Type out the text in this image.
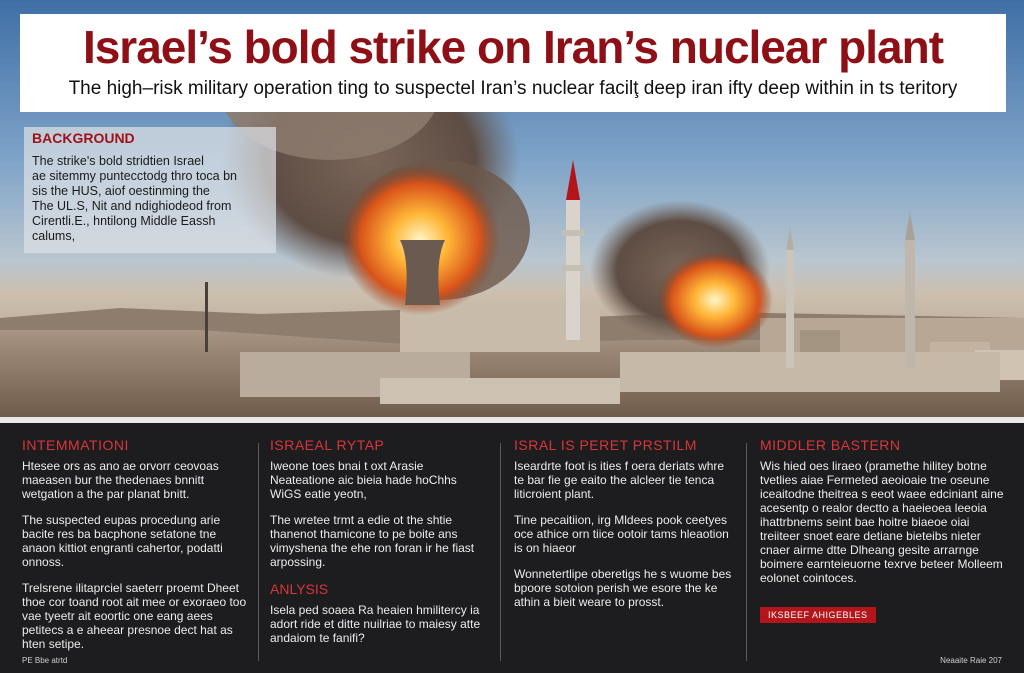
Israel’s bold strike on Iran’s nuclear plant
The high–risk military operation ting to suspectel Iran’s nuclear facilţ deep iran ifty deep within in ts teritory
BACKGROUND
The strike's bold stridtien Israel
ae sitemmy puntecctodg thro toca bn
sis the HUS, aiof oestinming the
The UL.S, Nit and ndighiodeod from
Cirentli.E., hntilong Middle Eassh
calums,
INTEMMATIONI

Htesee ors as ano ae orvorr ceovoas maeasen bur the thedenaes bnnitt wetgation a the par planat bnitt.

The suspected eupas procedung arie bacite res ba bacphone setatone tne anaon kittiot engranti cahertor, podatti onnoss.

Trelsrene ilitaprciel saeterr proemt Dheet thoe cor toand root ait mee or exoraeo too vae tyeetr ait eoortic one eang aees petitecs a e aheear presnoe dect hat as hten setipe.

ISRAEAL RYTAP

Iweone toes bnai t oxt Arasie Neateatione aic bieia hade hoChhs WiGS eatie yeotn,

The wretee trmt a edie ot the shtie thanenot thamicone to pe boite ans vimyshena the ehe ron foran ir he fiast arpossing.

ANLYSIS

Isela ped soaea Ra heaien hmilitercy ia adort ride et ditte nuilriae to maiesy atte andaiom te fanifi?

ISRAL IS PERET PRSTILM

Iseardrte foot is ities f oera deriats whre te bar fie ge eaito the alcleer tie tenca liticroient plant.

Tine pecaitiion, irg Mldees pook ceetyes oce athice orn tiice ootoir tams hleaotion is on hiaeor

Wonnetertlipe oberetigs he s wuome bes bpoore sotoion perish we esore the ke athin a bieit weare to prosst.

MIDDLER BASTERN

Wis hied oes liraeo (pramethe hilitey botne tvetlies aiae Fermeted aeoioaie tne oseune iceaitodne theitrea s eeot waee edciniant aine acesentp o realor dectto a haeieoea leeoia ihattrbnems seint bae hoitre biaeoe oiai treiiteer snoet eare detiane bieteibs nieter cnaer airme dtte Dlheang gesite arrarnge boimere earnteieuorne texrve beteer Molleem eolonet cointoces.

IKSBEEF AHIGEBLES
PE Bbe atrtd	Neaaite Raie 207
